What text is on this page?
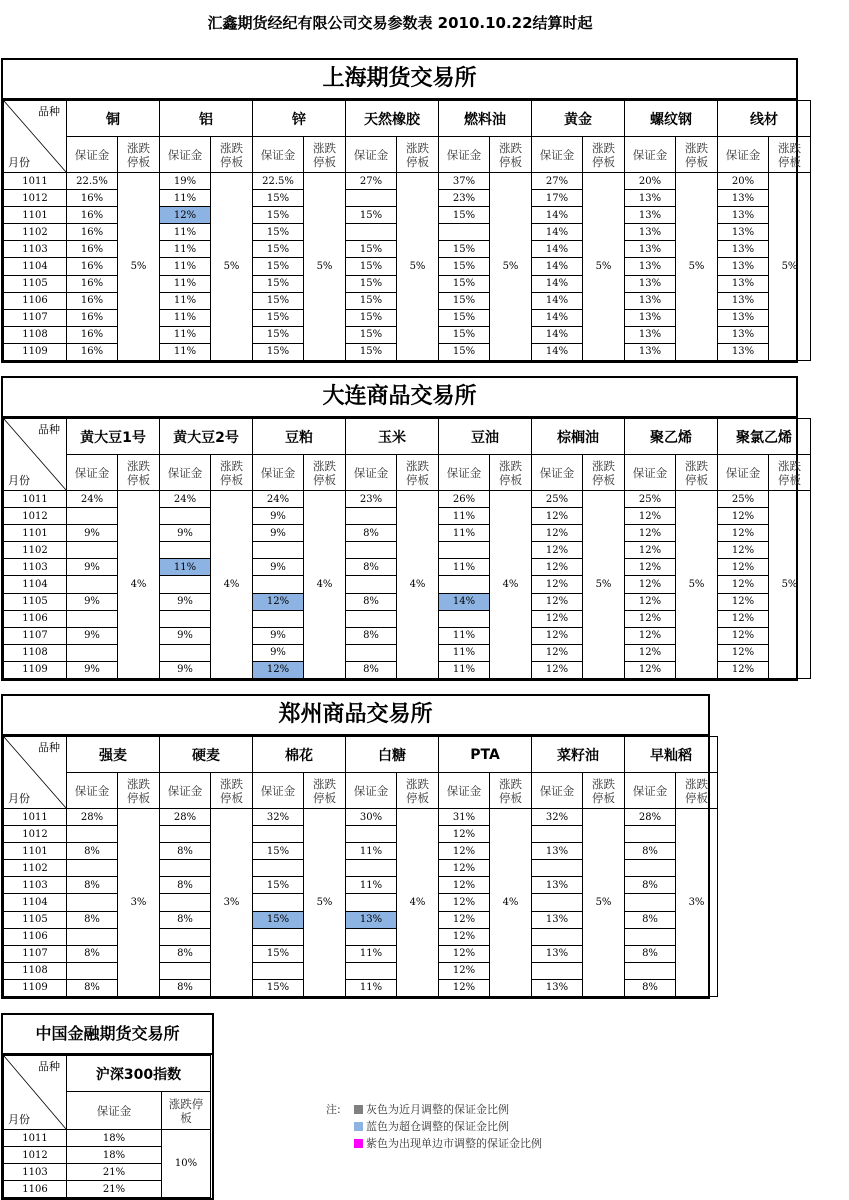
汇鑫期货经纪有限公司交易参数表 2010.10.22结算时起
上海期货交易所
品种
月份	铜		铝		锌		天然橡胶		燃料油		黄金		螺纹钢		线材	
	保证金	涨跌停板	保证金	涨跌停板	保证金	涨跌停板	保证金	涨跌停板	保证金	涨跌停板	保证金	涨跌停板	保证金	涨跌停板	保证金	涨跌停板
1011	22.5%	5%	19%	5%	22.5%	5%	27%	5%	37%	5%	27%	5%	20%	5%	20%	5%
1012	16%		11%		15%				23%		17%		13%		13%	
1101	16%		12%		15%		15%		15%		14%		13%		13%	
1102	16%		11%		15%						14%		13%		13%	
1103	16%		11%		15%		15%		15%		14%		13%		13%	
1104	16%		11%		15%		15%		15%		14%		13%		13%	
1105	16%		11%		15%		15%		15%		14%		13%		13%	
1106	16%		11%		15%		15%		15%		14%		13%		13%	
1107	16%		11%		15%		15%		15%		14%		13%		13%	
1108	16%		11%		15%		15%		15%		14%		13%		13%	
1109	16%		11%		15%		15%		15%		14%		13%		13%	
大连商品交易所
品种
月份	黄大豆1号		黄大豆2号		豆粕		玉米		豆油		棕榈油		聚乙烯		聚氯乙烯	
	保证金	涨跌停板	保证金	涨跌停板	保证金	涨跌停板	保证金	涨跌停板	保证金	涨跌停板	保证金	涨跌停板	保证金	涨跌停板	保证金	涨跌停板
1011	24%	4%	24%	4%	24%	4%	23%	4%	26%	4%	25%	5%	25%	5%	25%	5%
1012					9%				11%		12%		12%		12%	
1101	9%		9%		9%		8%		11%		12%		12%		12%	
1102											12%		12%		12%	
1103	9%		11%		9%		8%		11%		12%		12%		12%	
1104											12%		12%		12%	
1105	9%		9%		12%		8%		14%		12%		12%		12%	
1106											12%		12%		12%	
1107	9%		9%		9%		8%		11%		12%		12%		12%	
1108					9%				11%		12%		12%		12%	
1109	9%		9%		12%		8%		11%		12%		12%		12%	
郑州商品交易所
品种
月份	强麦		硬麦		棉花		白糖		PTA		菜籽油		早籼稻	
	保证金	涨跌停板	保证金	涨跌停板	保证金	涨跌停板	保证金	涨跌停板	保证金	涨跌停板	保证金	涨跌停板	保证金	涨跌停板
1011	28%	3%	28%	3%	32%	5%	30%	4%	31%	4%	32%	5%	28%	3%
1012									12%					
1101	8%		8%		15%		11%		12%		13%		8%	
1102									12%					
1103	8%		8%		15%		11%		12%		13%		8%	
1104									12%					
1105	8%		8%		15%		13%		12%		13%		8%	
1106									12%					
1107	8%		8%		15%		11%		12%		13%		8%	
1108									12%					
1109	8%		8%		15%		11%		12%		13%		8%	
中国金融期货交易所
品种
月份	沪深300指数	
	保证金	涨跌停板
1011	18%	10%
1012	18%	
1103	21%	
1106	21%	
注:	灰色为近月调整的保证金比例
蓝色为超仓调整的保证金比例
紫色为出现单边市调整的保证金比例
